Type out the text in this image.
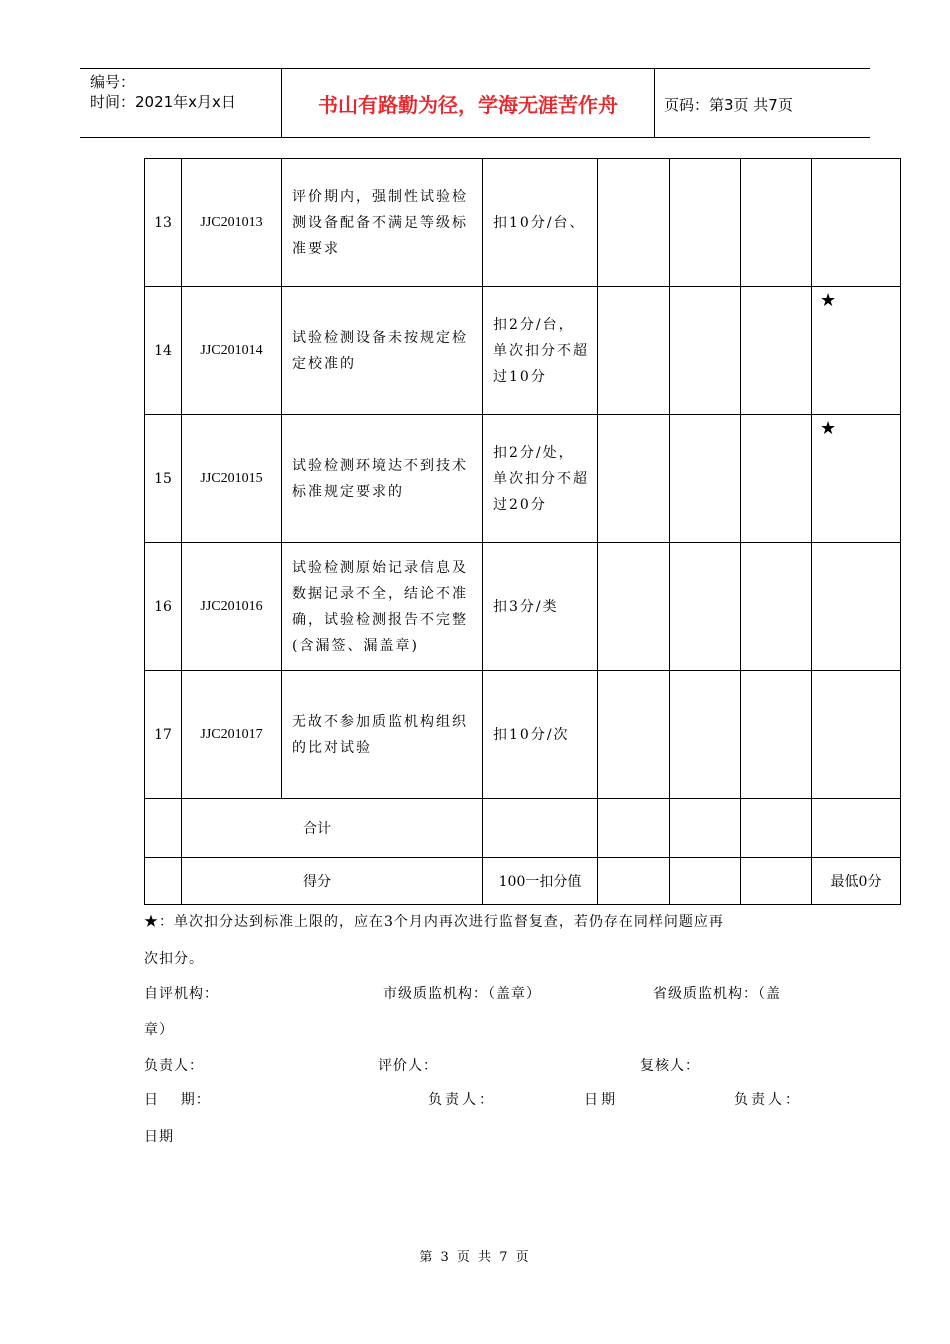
编号：
时间：2021年x月x日	书山有路勤为径，学海无涯苦作舟	页码：第3页 共7页
13	JJC201013	评价期内，强制性试验检测设备配备不满足等级标准要求	扣10分/台、				
14	JJC201014	试验检测设备未按规定检定校准的	扣2分/台，单次扣分不超过10分				★
15	JJC201015	试验检测环境达不到技术标准规定要求的	扣2分/处，单次扣分不超过20分				★
16	JJC201016	试验检测原始记录信息及数据记录不全，结论不准确，试验检测报告不完整(含漏签、漏盖章)	扣3分/类				
17	JJC201017	无故不参加质监机构组织的比对试验	扣10分/次				
	合计						
	得分		100一扣分值				最低0分
★：单次扣分达到标准上限的，应在3个月内再次进行监督复查，若仍存在同样问题应再
次扣分。
自评机构：	市级质监机构：（盖章）	省级质监机构：（盖
章）
负责人：	评价人：	复核人：
日    期：	负责人：	日期	负责人：
日期
第 3 页 共 7 页
